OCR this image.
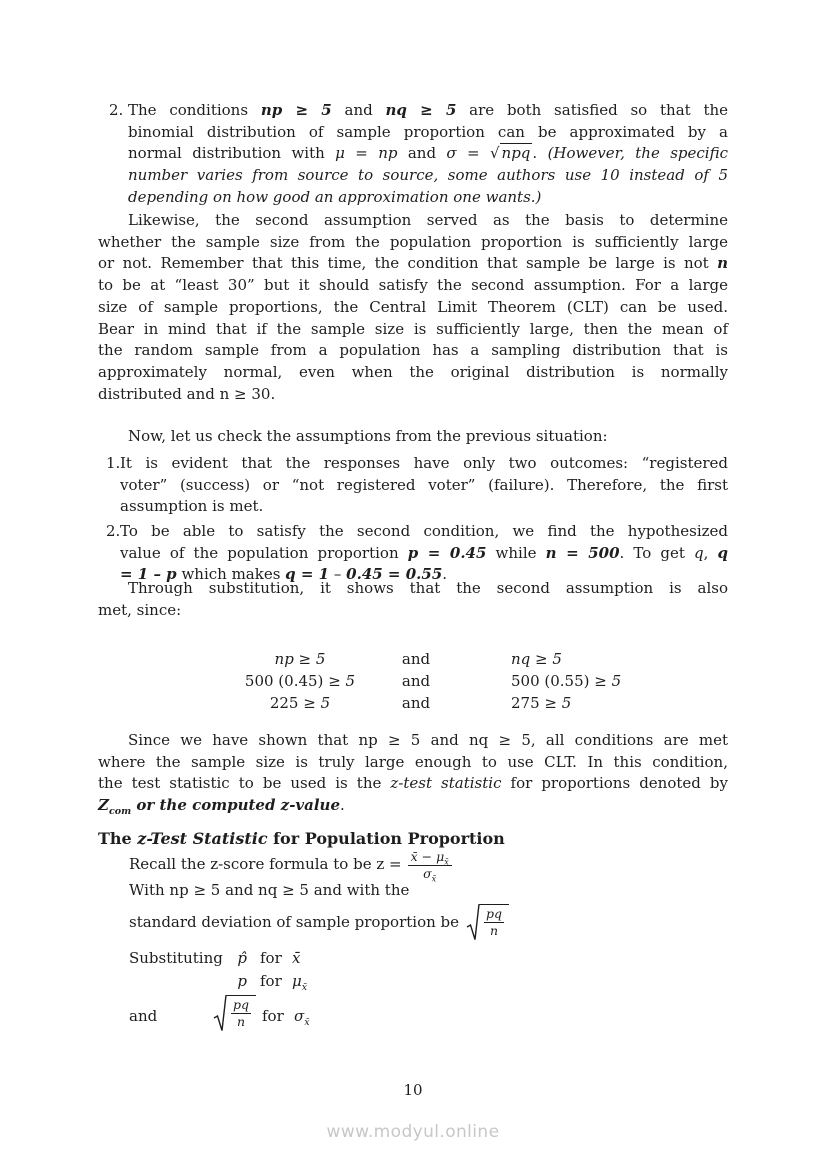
2. The conditions np ≥ 5 and nq ≥ 5 are both satisfied so that the
binomial distribution of sample proportion can be approximated by a
normal distribution with μ = np and σ = √ npq . (However, the specific
number varies from source to source, some authors use 10 instead of 5
depending on how good an approximation one wants.)
Likewise, the second assumption served as the basis to determine
whether the sample size from the population proportion is sufficiently large
or not. Remember that this time, the condition that sample be large is not n
to be at “least 30” but it should satisfy the second assumption. For a large
size of sample proportions, the Central Limit Theorem (CLT) can be used.
Bear in mind that if the sample size is sufficiently large, then the mean of
the random sample from a population has a sampling distribution that is
approximately normal, even when the original distribution is normally
distributed and n ≥ 30.
Now, let us check the assumptions from the previous situation:
1. It is evident that the responses have only two outcomes: “registered
voter” (success) or “not registered voter” (failure). Therefore, the first
assumption is met.
2. To be able to satisfy the second condition, we find the hypothesized
value of the population proportion p = 0.45 while n = 500. To get q, q
= 1 – p which makes q = 1 – 0.45 = 0.55.
Through substitution, it shows that the second assumption is also
met, since:
np ≥ 5	and	nq ≥ 5
500 (0.45) ≥ 5	and	500 (0.55) ≥ 5
225 ≥ 5	and	275 ≥ 5
Since we have shown that np ≥ 5 and nq ≥ 5, all conditions are met
where the sample size is truly large enough to use CLT. In this condition,
the test statistic to be used is the z-test statistic for proportions denoted by
$Z_{com}$ or the computed z-value.
The z-Test Statistic for Population Proportion
Recall the z-score formula to be $z = \frac{x̄ - \mu_{x̄}}{\sigma_{x̄}}$
With np ≥ 5 and nq ≥ 5 and with the
standard deviation of sample proportion be $\frac{pq}{n}$
Substituting p̂ for x̄
p for $\mu_{x̄}$
and	$\frac{pq}{n}$ for $\sigma_{x̄}$
10
www.modyul.online
